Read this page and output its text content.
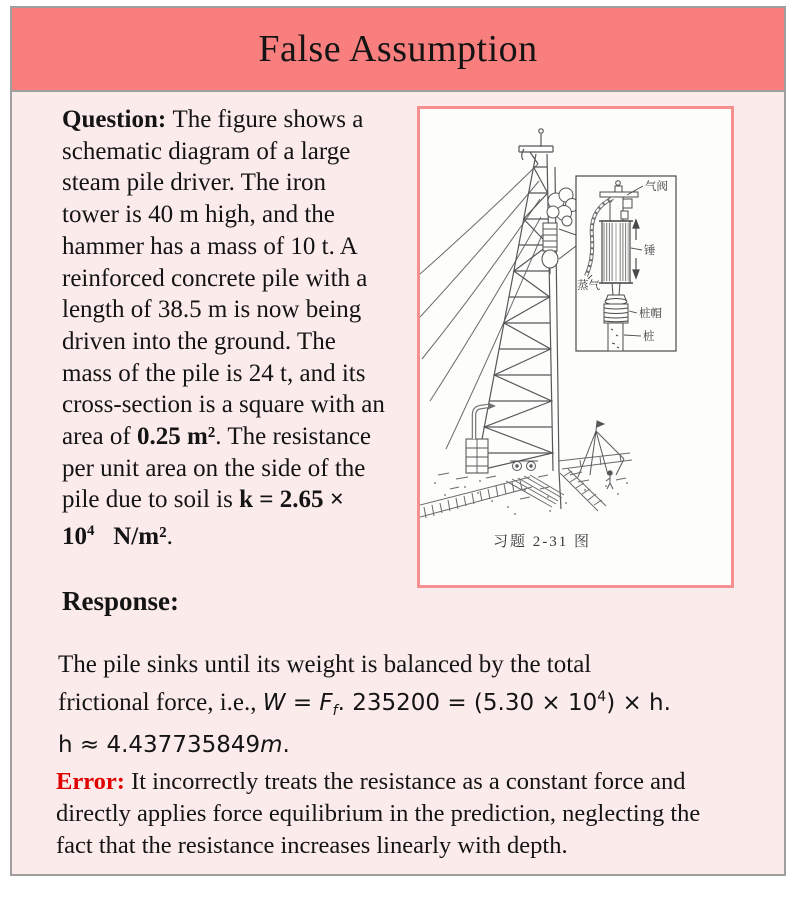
False Assumption
Question: The figure shows a
schematic diagram of a large
steam pile driver. The iron
tower is 40 m high, and the
hammer has a mass of 10 t. A
reinforced concrete pile with a
length of 38.5 m is now being
driven into the ground. The
mass of the pile is 24 t, and its
cross-section is a square with an
area of 0.25 m². The resistance
per unit area on the side of the
pile due to soil is k = 2.65 ×
$10^4$   N/m².
气阀
锤
蒸气
桩帽
桩
习题 2-31 图
Response:
The pile sinks until its weight is balanced by the total
frictional force, i.e., $W = F_f$. $235200 = (5.30 \times 10^4) \times h$.
h ≈ 4.437735849m.
Error: It incorrectly treats the resistance as a constant force and
directly applies force equilibrium in the prediction, neglecting the
fact that the resistance increases linearly with depth.
